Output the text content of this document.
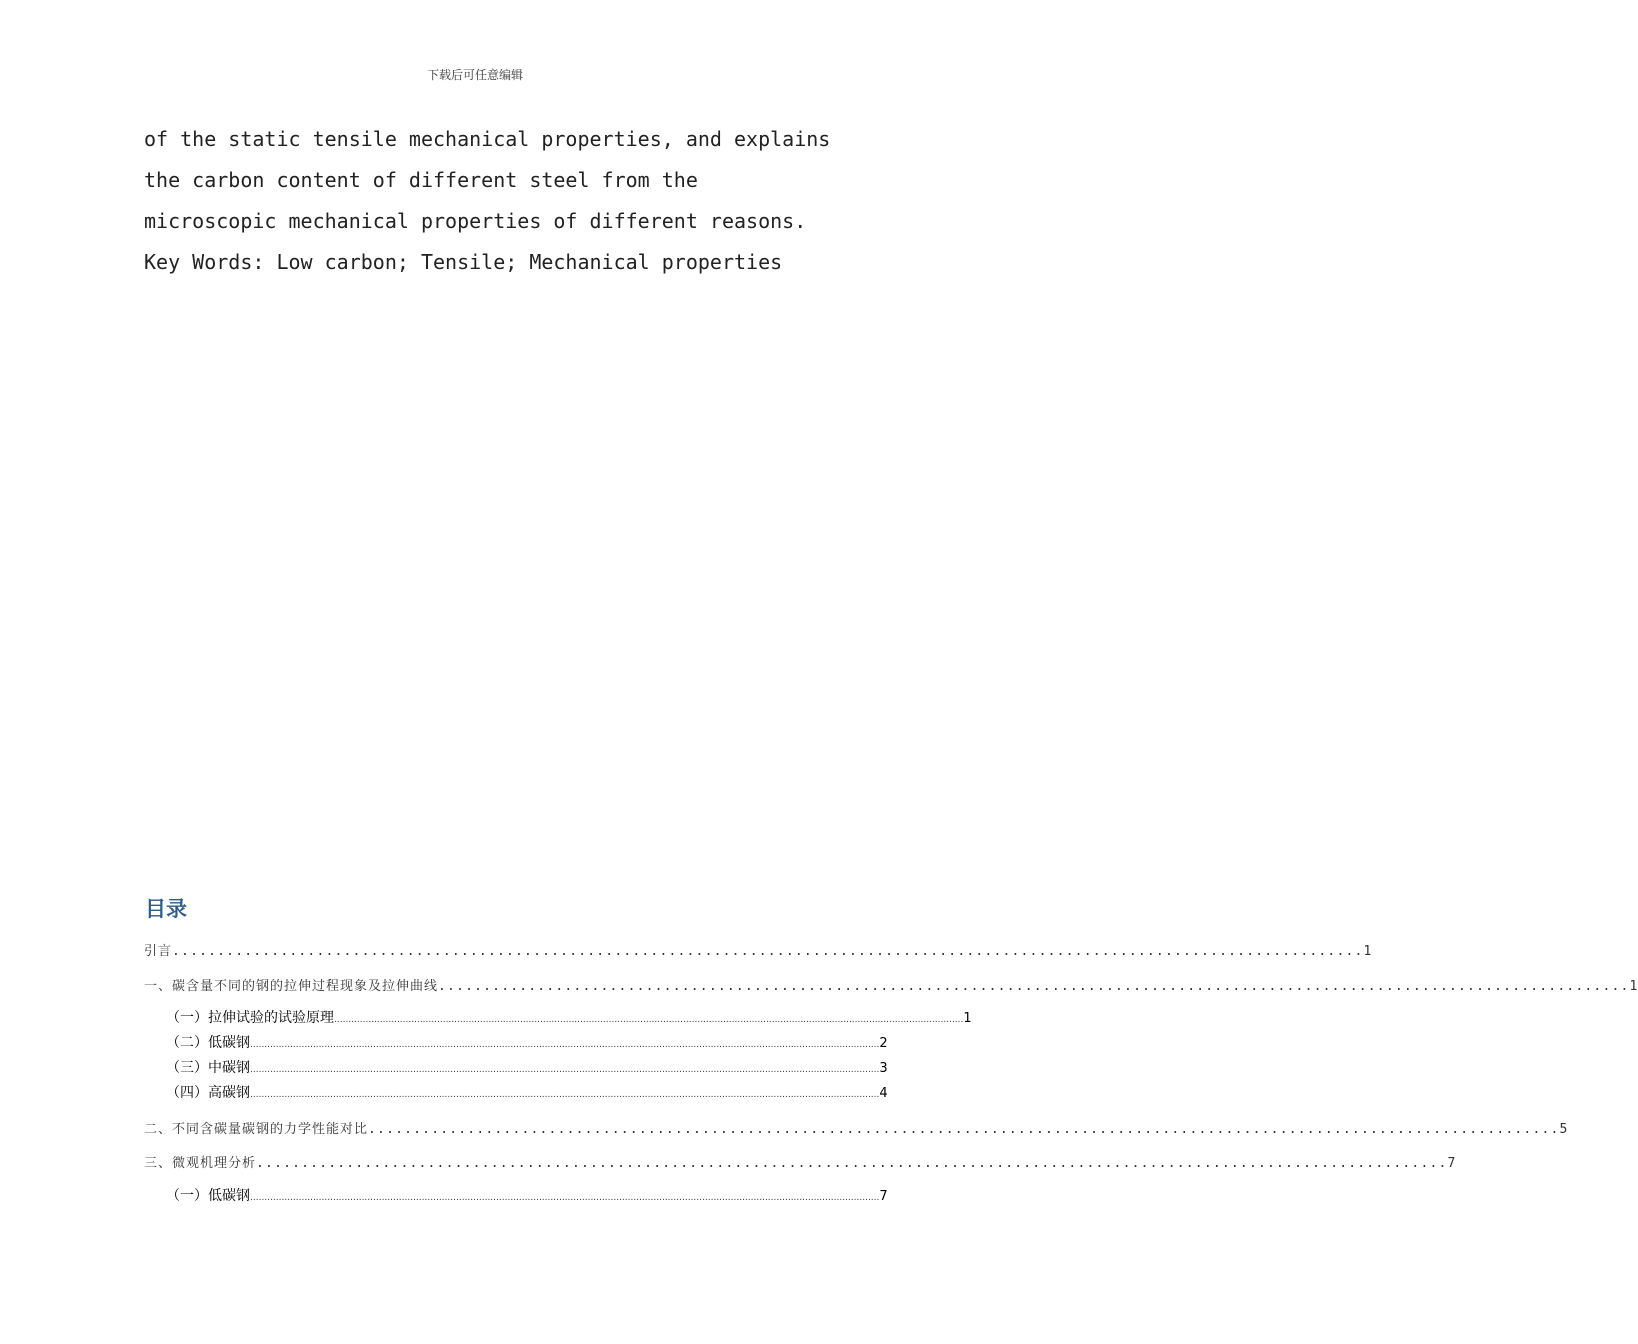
下载后可任意编辑
of the static tensile mechanical properties, and explains
the carbon content of different steel from the
microscopic mechanical properties of different reasons.
Key Words: Low carbon; Tensile; Mechanical properties
目录
引言 .................................................................................................................................... 1
一、碳含量不同的钢的拉伸过程现象及拉伸曲线 .................................................................................................................................... 1
（一）拉伸试验的试验原理 ............................................................................................................................................................................................................................ 1
（二）低碳钢 ............................................................................................................................................................................................................................ 2
（三）中碳钢 ............................................................................................................................................................................................................................ 3
（四）高碳钢 ............................................................................................................................................................................................................................ 4
二、不同含碳量碳钢的力学性能对比 .................................................................................................................................... 5
三、微观机理分析 .................................................................................................................................... 7
（一）低碳钢 ............................................................................................................................................................................................................................ 7
